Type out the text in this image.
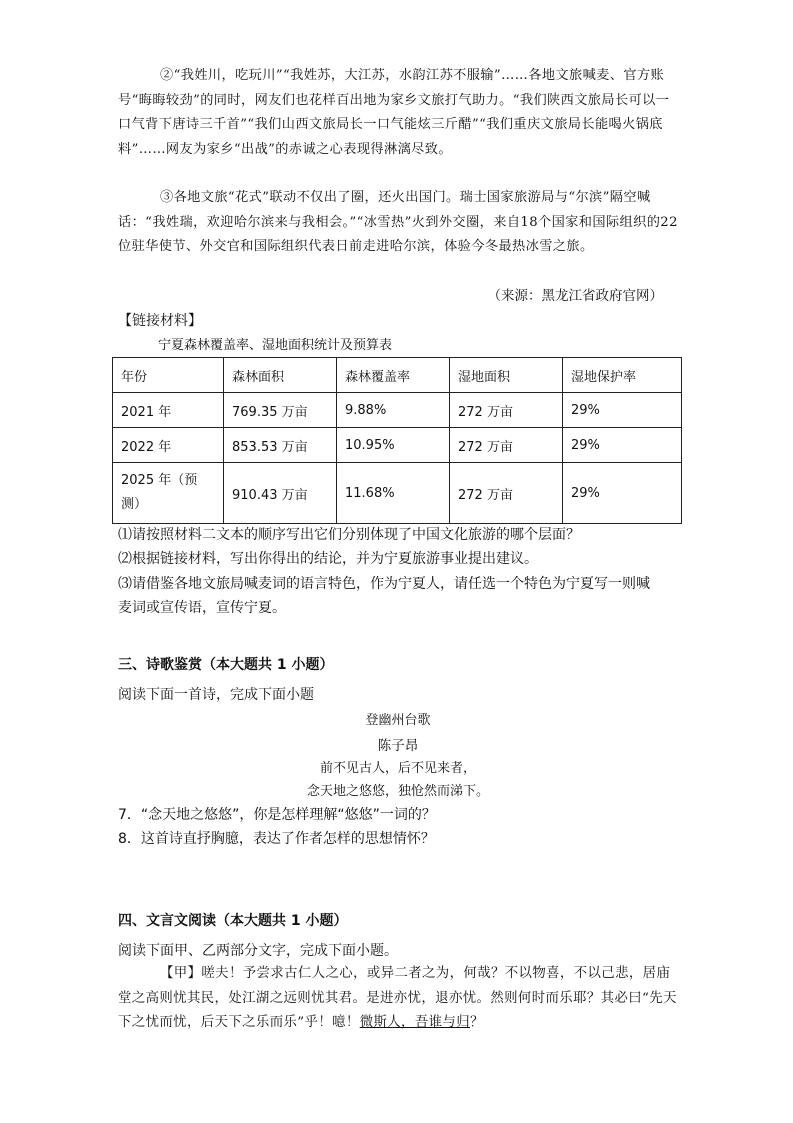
②“我姓川，吃玩川”“我姓苏，大江苏，水韵江苏不服输”……各地文旅喊麦、官方账号“晦晦较劲”的同时，网友们也花样百出地为家乡文旅打气助力。“我们陕西文旅局长可以一口气背下唐诗三千首”“我们山西文旅局长一口气能炫三斤醋”“我们重庆文旅局长能喝火锅底料”……网友为家乡“出战”的赤诚之心表现得淋漓尽致。
③各地文旅“花式”联动不仅出了圈，还火出国门。瑞士国家旅游局与“尔滨”隔空喊话：“我姓瑞，欢迎哈尔滨来与我相会。”“冰雪热”火到外交圈，来自18个国家和国际组织的22位驻华使节、外交官和国际组织代表日前走进哈尔滨，体验今冬最热冰雪之旅。
（来源：黑龙江省政府官网）
【链接材料】
宁夏森林覆盖率、湿地面积统计及预算表
年份	森林面积	森林覆盖率	湿地面积	湿地保护率
2021 年	769.35 万亩	9.88%	272 万亩	29%
2022 年	853.53 万亩	10.95%	272 万亩	29%
2025 年（预测）	910.43 万亩	11.68%	272 万亩	29%
⑴请按照材料二文本的顺序写出它们分别体现了中国文化旅游的哪个层面？
⑵根据链接材料，写出你得出的结论，并为宁夏旅游事业提出建议。
⑶请借鉴各地文旅局喊麦词的语言特色，作为宁夏人，请任选一个特色为宁夏写一则喊麦词或宣传语，宣传宁夏。
三、诗歌鉴赏（本大题共 1 小题）
阅读下面一首诗，完成下面小题
登幽州台歌
陈子昂
前不见古人，后不见来者，
念天地之悠悠，独怆然而涕下。
7．“念天地之悠悠”，你是怎样理解“悠悠”一词的？
8．这首诗直抒胸臆，表达了作者怎样的思想情怀？
四、文言文阅读（本大题共 1 小题）
阅读下面甲、乙两部分文字，完成下面小题。
【甲】嗟夫！予尝求古仁人之心，或异二者之为，何哉？不以物喜，不以己悲，居庙堂之高则忧其民，处江湖之远则忧其君。是进亦忧，退亦忧。然则何时而乐耶？其必曰“先天下之忧而忧，后天下之乐而乐”乎！噫！微斯人，吾谁与归？
